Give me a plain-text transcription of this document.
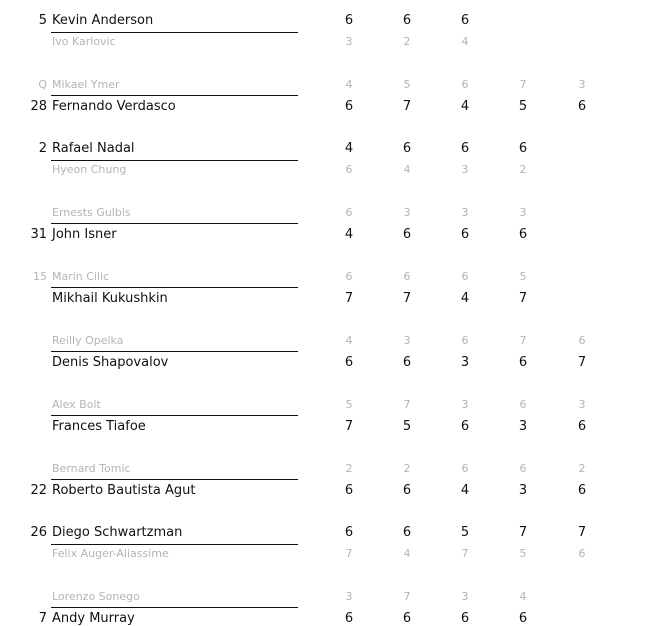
5 Kevin Anderson	6	6	6
Ivo Karlovic	3	2	4
Q Mikael Ymer	4	5	6	7	3
28 Fernando Verdasco	6	7	4	5	6
2 Rafael Nadal	4	6	6	6
Hyeon Chung	6	4	3	2
Ernests Gulbis	6	3	3	3
31 John Isner	4	6	6	6
15 Marin Cilic	6	6	6	5
Mikhail Kukushkin	7	7	4	7
Reilly Opelka	4	3	6	7	6
Denis Shapovalov	6	6	3	6	7
Alex Bolt	5	7	3	6	3
Frances Tiafoe	7	5	6	3	6
Bernard Tomic	2	2	6	6	2
22 Roberto Bautista Agut	6	6	4	3	6
26 Diego Schwartzman	6	6	5	7	7
Felix Auger-Aliassime	7	4	7	5	6
Lorenzo Sonego	3	7	3	4
7 Andy Murray	6	6	6	6
